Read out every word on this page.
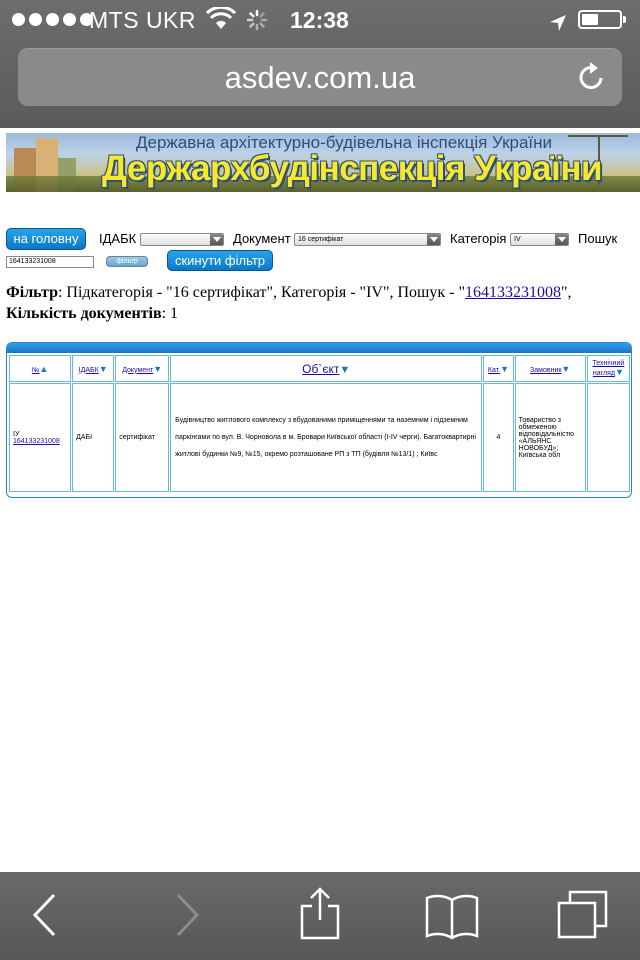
MTS UKR	12:38
asdev.com.ua
Державна архітектурно-будівельна інспекція України
Держархбудінспекція України
на головну	ІДАБК	Документ	16 сертифікат	Категорія	IV	Пошук
164133231008	фільтр	скинути фільтр
Фільтр: Підкатегорія - "16 сертифікат", Категорія - "IV", Пошук - "164133231008",
Кількість документів: 1
№▲	ІДАБК▼	Документ▼	Об`єкт▼	Кат.▼	Замовник▼	Технічний нагляд▼
IУ
164133231008	ДАБІ	сертифікат	Будівництво житлового комплексу з вбудованими приміщеннями та наземним і підземним паркінгами по вул. В. Чорновола в м. Бровари Київської області (I-IV черги). Багатоквартирні житлові будинки №9, №15, окремо розташоване РП з ТП (будівля №13/1) ; Київс	4	Товариство з обмеженою відповідальністю «АЛЬЯНС НОВОБУД»; Київська обл	
